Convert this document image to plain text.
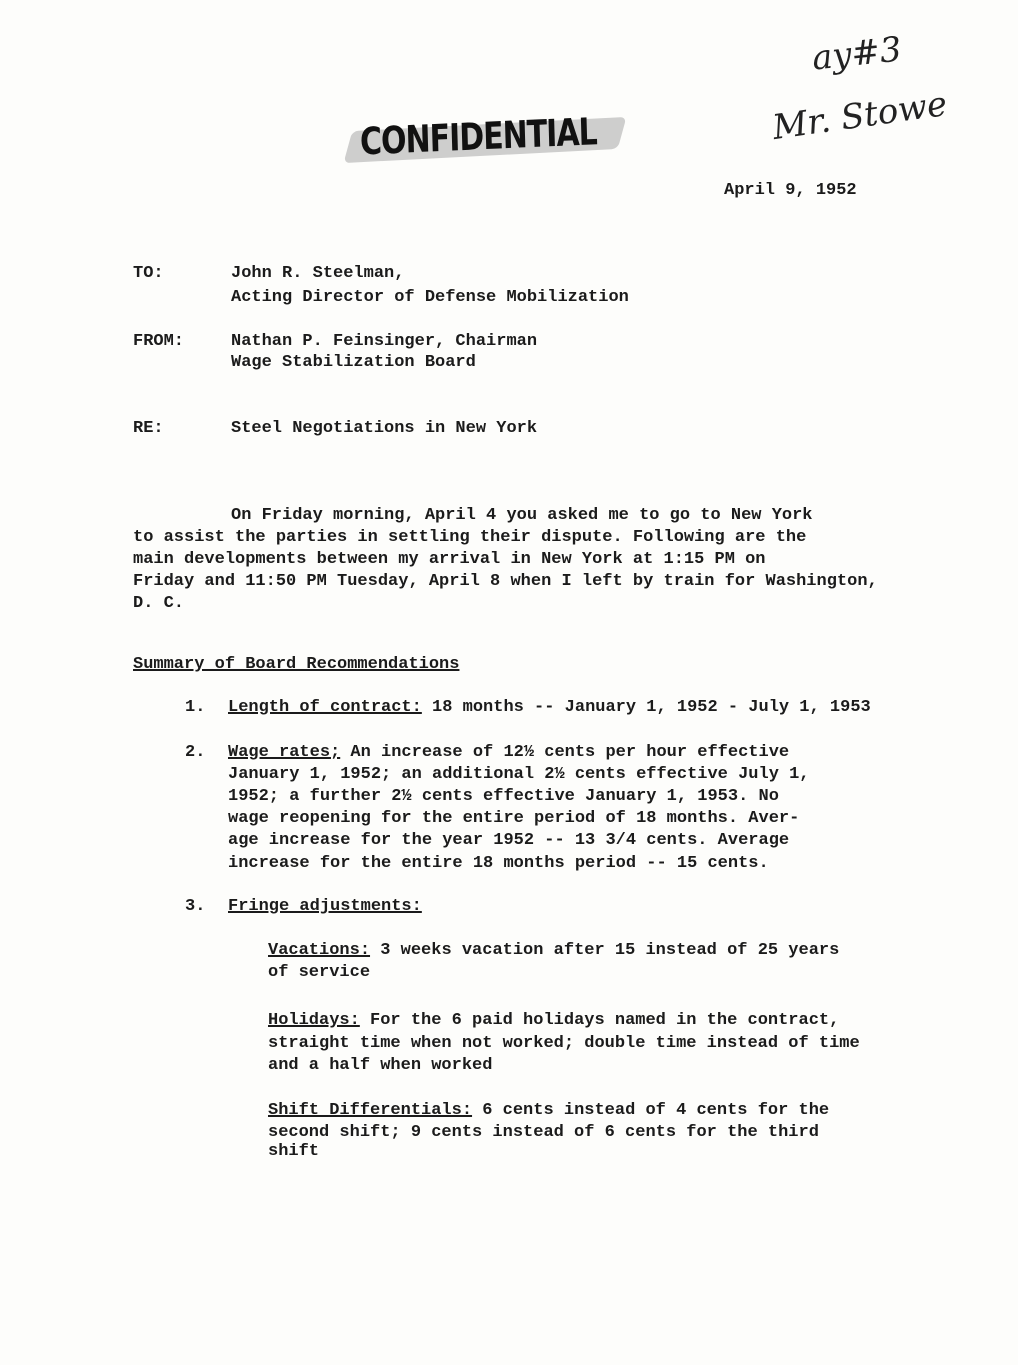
ay#3
Mr. Stowe
CONFIDENTIAL
April 9, 1952
TO:	John R. Steelman,
Acting Director of Defense Mobilization
FROM:	Nathan P. Feinsinger, Chairman
Wage Stabilization Board
RE:	Steel Negotiations in New York
On Friday morning, April 4 you asked me to go to New York
to assist the parties in settling their dispute. Following are the
main developments between my arrival in New York at 1:15 PM on
Friday and 11:50 PM Tuesday, April 8 when I left by train for Washington,
D. C.
Summary of Board Recommendations
1. Length of contract: 18 months -- January 1, 1952 - July 1, 1953
2. Wage rates; An increase of 12½ cents per hour effective
January 1, 1952; an additional 2½ cents effective July 1,
1952; a further 2½ cents effective January 1, 1953. No
wage reopening for the entire period of 18 months. Aver-
age increase for the year 1952 -- 13 3/4 cents. Average
increase for the entire 18 months period -- 15 cents.
3. Fringe adjustments:
Vacations: 3 weeks vacation after 15 instead of 25 years
of service
Holidays: For the 6 paid holidays named in the contract,
straight time when not worked; double time instead of time
and a half when worked
Shift Differentials: 6 cents instead of 4 cents for the
second shift; 9 cents instead of 6 cents for the third
shift
